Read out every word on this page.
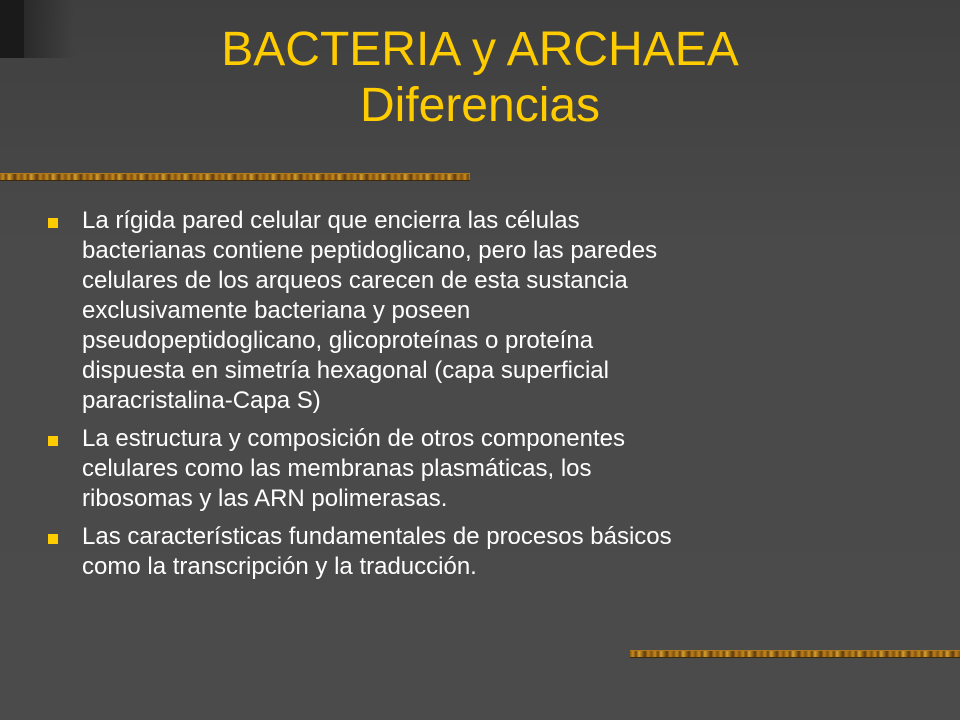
BACTERIA y ARCHAEA
Diferencias
La rígida pared celular que encierra las células
bacterianas contiene peptidoglicano, pero las paredes
celulares de los arqueos carecen de esta sustancia
exclusivamente bacteriana y poseen
pseudopeptidoglicano, glicoproteínas o proteína
dispuesta en simetría hexagonal (capa superficial
paracristalina-Capa S)
La estructura y composición de otros componentes
celulares como las membranas plasmáticas, los
ribosomas y las ARN polimerasas.
Las características fundamentales de procesos básicos
como la transcripción y la traducción.
